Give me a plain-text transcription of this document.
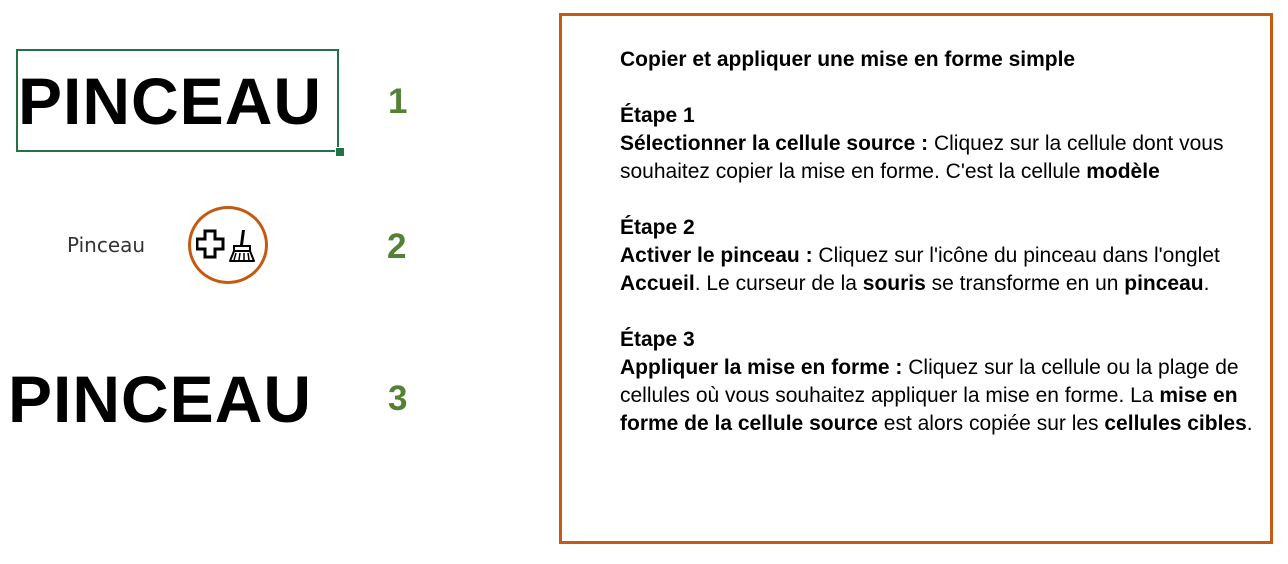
PINCEAU 1
Pinceau	2
PINCEAU 3
Copier et appliquer une mise en forme simple
Étape 1
Sélectionner la cellule source : Cliquez sur la cellule dont vous souhaitez copier la mise en forme. C'est la cellule modèle
Étape 2
Activer le pinceau : Cliquez sur l'icône du pinceau dans l'onglet Accueil. Le curseur de la souris se transforme en un pinceau.
Étape 3
Appliquer la mise en forme : Cliquez sur la cellule ou la plage de cellules où vous souhaitez appliquer la mise en forme. La mise en forme de la cellule source est alors copiée sur les cellules cibles.
